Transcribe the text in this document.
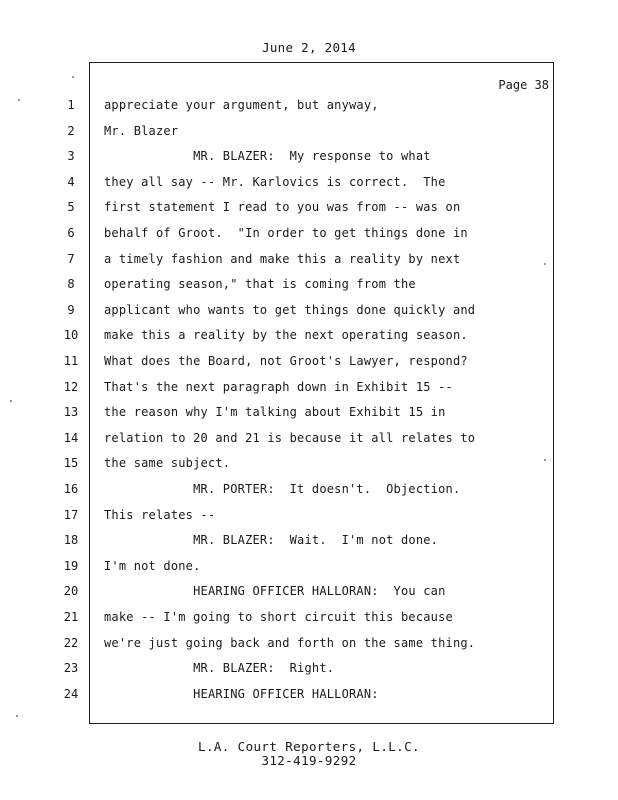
June 2, 2014
Page 38
1	appreciate your argument, but anyway,
2	Mr. Blazer
3	MR. BLAZER:  My response to what
4	they all say -- Mr. Karlovics is correct.  The
5	first statement I read to you was from -- was on
6	behalf of Groot.  "In order to get things done in
7	a timely fashion and make this a reality by next
8	operating season," that is coming from the
9	applicant who wants to get things done quickly and
10 make this a reality by the next operating season.
11 What does the Board, not Groot's Lawyer, respond?
12 That's the next paragraph down in Exhibit 15 --
13 the reason why I'm talking about Exhibit 15 in
14 relation to 20 and 21 is because it all relates to
15 the same subject.
16 MR. PORTER:  It doesn't.  Objection.
17 This relates --
18 MR. BLAZER:  Wait.  I'm not done.
19 I'm not done.
20 HEARING OFFICER HALLORAN:  You can
21 make -- I'm going to short circuit this because
22 we're just going back and forth on the same thing.
23 MR. BLAZER:  Right.
24 HEARING OFFICER HALLORAN:
L.A. Court Reporters, L.L.C.
312-419-9292
